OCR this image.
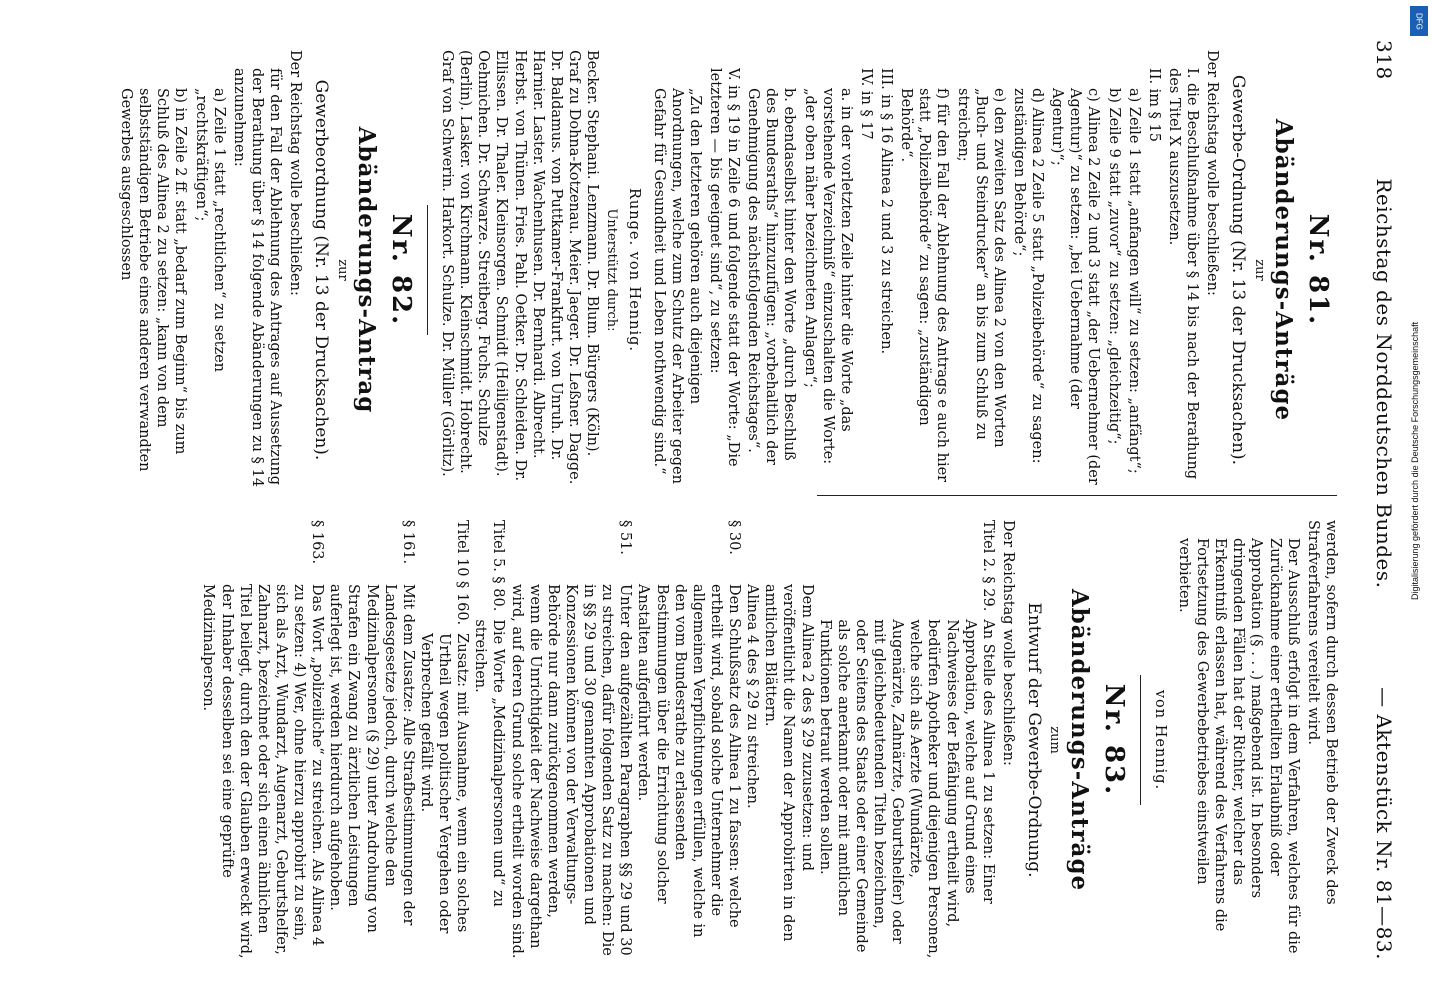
DFG
Digitalisierung gefördert durch die Deutsche Forschungsgemeinschaft
318
Reichstag des Norddeutschen Bundes.
— Aktenstück Nr. 81—83.
Nr. 81.
Abänderungs-Anträge
zur
Gewerbe-Ordnung (Nr. 13 der Drucksachen).

Der Reichstag wolle beschließen:

I. die Beschlußnahme über § 14 bis nach der Berathung des Titel X auszusetzen.

II. im § 15

a) Zeile 1 statt „anfangen will“ zu setzen: „anfängt“;

b) Zeile 9 statt „zuvor“ zu setzen: „gleichzeitig“;

c) Alinea 2 Zeile 2 und 3 statt „der Uebernehmer (der Agentur)“ zu setzen: „bei Uebernahme (der Agentur)“;

d) Alinea 2 Zeile 5 statt „Polizeibehörde“ zu sagen: zuständigen Behörde“;

e) den zweiten Satz des Alinea 2 von den Worten „Buch- und Steindrucker“ an bis zum Schluß zu streichen;

f) für den Fall der Ablehnung des Antrags e auch hier statt „Polizeibehörde“ zu sagen: „zuständigen Behörde“.

III. in § 16 Alinea 2 und 3 zu streichen.

IV. in § 17

a. in der vorletzten Zeile hinter die Worte „das vorstehende Verzeichniß“ einzuschalten die Worte: „der oben näher bezeichneten Anlagen“;

b. ebendaselbst hinter den Worte „durch Beschluß des Bundesraths“ hinzuzufügen: „vorbehaltlich der Genehmigung des nächstfolgenden Reichstages“.

V. in § 19 in Zeile 6 und folgende statt der Worte: „Die letzteren — bis geeignet sind“, zu setzen:

„Zu den letzteren gehören auch diejenigen Anordnungen, welche zum Schutz der Arbeiter gegen Gefahr für Gesundheit und Leben nothwendig sind.“

Runge. von Hennig.
Unterstützt durch:

Becker. Stephani. Lenzmann. Dr. Blum. Bürgers (Köln). Graf zu Dohna-Kotzenau. Meier. Jaeger. Dr. Leßner. Dagge. Dr. Baldamus. von Puttkamer-Frankfurt. von Unruh. Dr. Harnier. Laster. Wachenhusen. Dr. Bernhardi. Albrecht. Herbst. von Thünen. Fries. Pahl. Oetker. Dr. Schleiden. Dr. Ellissen. Dr. Thaler. Kleinsorgen. Schmidt (Heiligenstadt). Oehmichen. Dr. Schwarze. Streitberg. Fuchs. Schulze (Berlin). Lasker. von Kirchmann. Kleinschmidt. Hobrecht. Graf von Schwerin. Harkort. Schulze. Dr. Müller (Görlitz).

Nr. 82.
Abänderungs-Antrag
zur
Gewerbeordnung (Nr. 13 der Drucksachen).

Der Reichstag wolle beschließen:

für den Fall der Ablehnung des Antrages auf Aussetzung der Berathung über § 14 folgende Abänderungen zu § 14 anzunehmen:

a) Zeile 1 statt „rechtlichen“ zu setzen „rechtskräftigen“;

b) in Zeile 2 ff. statt „bedarf zum Beginn“ bis zum Schluß des Alinea 2 zu setzen: „kann von dem selbstständigen Betriebe eines anderen verwandten Gewerbes ausgeschlossen

werden, sofern durch dessen Betrieb der Zweck des Strafverfahrens vereitelt wird.

Der Ausschluß erfolgt in dem Verfahren, welches für die Zurücknahme einer ertheilten Erlaubniß oder Approbation (§ . . .) maßgebend ist. In besonders dringenden Fällen hat der Richter, welcher das Erkenntniß erlassen hat, während des Verfahrens die Fortsetzung des Gewerbebetriebes einstweilen verbieten.

von Hennig.
Nr. 83.
Abänderungs-Anträge
zum
Entwurf der Gewerbe-Ordnung.

Der Reichstag wolle beschließen:

Titel 2. § 29.
An Stelle des Alinea 1 zu setzen: Einer Approbation, welche auf Grund eines Nachweises der Befähigung ertheilt wird, bedürfen Apotheker und diejenigen Personen, welche sich als Aerzte (Wundärzte, Augenärzte, Zahnärzte, Geburtshelfer) oder mit gleichbedeutenden Titeln bezeichnen, oder Seitens des Staats oder einer Gemeinde als solche anerkannt oder mit amtlichen Funktionen betraut werden sollen.
Dem Alinea 2 des § 29 zuzusetzen: und veröffentlicht die Namen der Approbirten in den amtlichen Blättern.
Alinea 4 des § 29 zu streichen.
§ 30.
Den Schlußsatz des Alinea 1 zu fassen: welche ertheilt wird, sobald solche Unternehmer die allgemeinen Verpflichtungen erfüllen, welche in den vom Bundesrathe zu erlassenden Bestimmungen über die Errichtung solcher Anstalten aufgeführt werden.
§ 51.
Unter den aufgezählten Paragraphen §§ 29 und 30 zu streichen, dafür folgenden Satz zu machen: Die in §§ 29 und 30 genannten Approbationen und Konzessionen können von der Verwaltungs-Behörde nur dann zurückgenommen werden, wenn die Unrichtigkeit der Nachweise dargethan wird, auf deren Grund solche ertheilt worden sind.
Titel 5. § 80.
Die Worte „Medizinalpersonen und“ zu streichen.
Titel 10 § 160.
Zusatz: mit Ausnahme, wenn ein solches Urtheil wegen politischer Vergehen oder Verbrechen gefällt wird.
§ 161.
Mit dem Zusatze: Alle Strafbestimmungen der Landesgesetze jedoch, durch welche den Medizinalpersonen (§ 29) unter Androhung von Strafen ein Zwang zu ärztlichen Leistungen auferlegt ist, werden hierdurch aufgehoben.
§ 163.
Das Wort „polizeiliche“ zu streichen. Als Alinea 4 zu setzen: 4) Wer, ohne hierzu approbirt zu sein, sich als Arzt, Wundarzt, Augenarzt, Geburtshelfer, Zahnarzt, bezeichnet oder sich einen ähnlichen Titel beilegt, durch den der Glauben erweckt wird, der Inhaber desselben sei eine geprüfte Medizinalperson.
